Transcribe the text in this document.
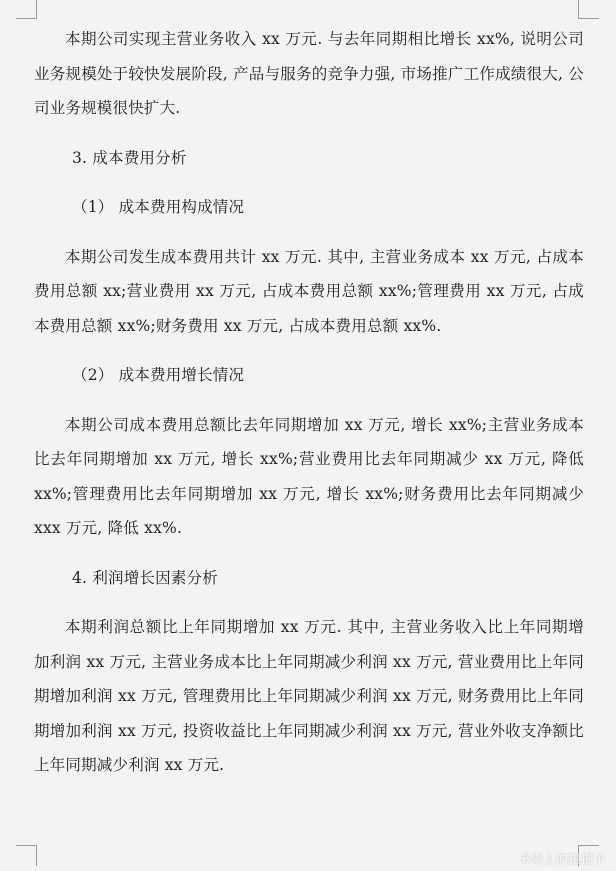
本期公司实现主营业务收入 xx 万元. 与去年同期相比增长 xx%, 说明公司业务规模处于较快发展阶段, 产品与服务的竞争力强, 市场推广工作成绩很大, 公司业务规模很快扩大.

3. 成本费用分析

（1） 成本费用构成情况

本期公司发生成本费用共计 xx 万元. 其中, 主营业务成本 xx 万元, 占成本费用总额 xx;营业费用 xx 万元, 占成本费用总额 xx%;管理费用 xx 万元, 占成本费用总额 xx%;财务费用 xx 万元, 占成本费用总额 xx%.

（2） 成本费用增长情况

本期公司成本费用总额比去年同期增加 xx 万元, 增长 xx%;主营业务成本比去年同期增加 xx 万元, 增长 xx%;营业费用比去年同期减少 xx 万元, 降低 xx%;管理费用比去年同期增加 xx 万元, 增长 xx%;财务费用比去年同期减少 xxx 万元, 降低 xx%.

4. 利润增长因素分析

本期利润总额比上年同期增加 xx 万元. 其中, 主营业务收入比上年同期增加利润 xx 万元, 主营业务成本比上年同期减少利润 xx 万元, 营业费用比上年同期增加利润 xx 万元, 管理费用比上年同期减少利润 xx 万元, 财务费用比上年同期增加利润 xx 万元, 投资收益比上年同期减少利润 xx 万元, 营业外收支净额比上年同期减少利润 xx 万元.

书架上的扭把子
